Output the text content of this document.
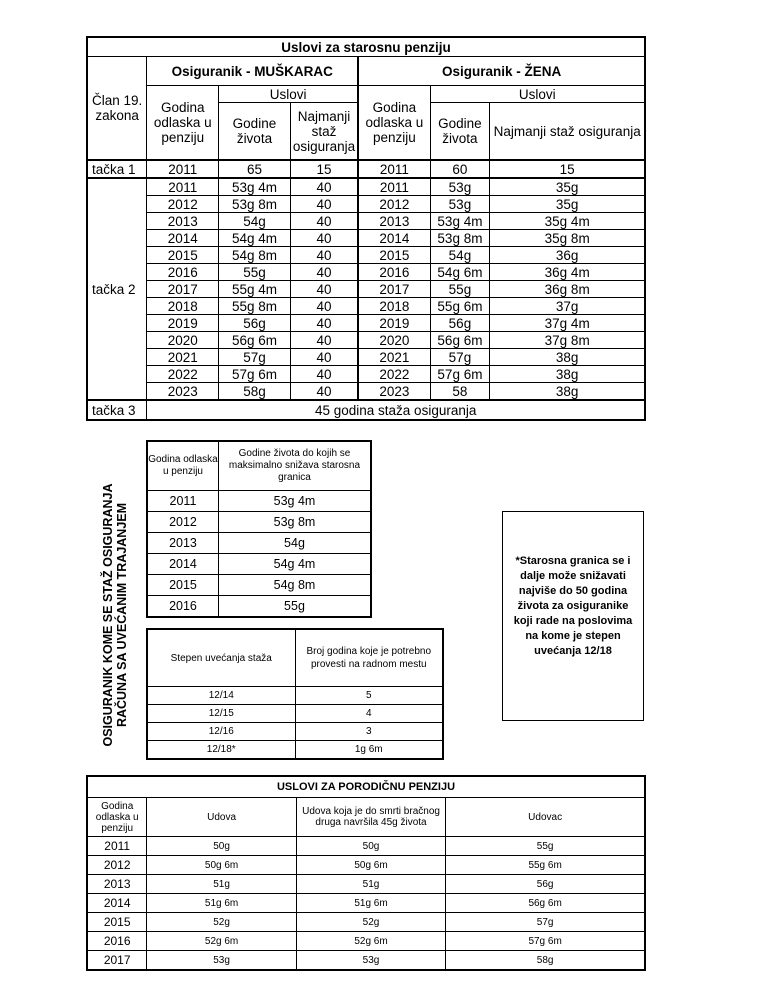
Uslovi za starosnu penziju						
Član 19. zakona	Osiguranik - MUŠKARAC			Osiguranik - ŽENA		
	Godina odlaska u penziju	Uslovi		Godina odlaska u penziju	Uslovi	
		Godine života	Najmanji staž osiguranja		Godine života	Najmanji staž osiguranja
tačka 1	2011	65	15	2011	60	15
tačka 2	2011	53g 4m	40	2011	53g	35g
	2012	53g 8m	40	2012	53g	35g
	2013	54g	40	2013	53g 4m	35g 4m
	2014	54g 4m	40	2014	53g 8m	35g 8m
	2015	54g 8m	40	2015	54g	36g
	2016	55g	40	2016	54g 6m	36g 4m
	2017	55g 4m	40	2017	55g	36g 8m
	2018	55g 8m	40	2018	55g 6m	37g
	2019	56g	40	2019	56g	37g 4m
	2020	56g 6m	40	2020	56g 6m	37g 8m
	2021	57g	40	2021	57g	38g
	2022	57g 6m	40	2022	57g 6m	38g
	2023	58g	40	2023	58	38g
tačka 3	45 godina staža osiguranja					
OSIGURANIK KOME SE STAŽ OSIGURANJA RAČUNA SA UVEĆANIM TRAJANJEM
Godina odlaska u penziju	Godine života do kojih se maksimalno snižava starosna granica
2011	53g 4m
2012	53g 8m
2013	54g
2014	54g 4m
2015	54g 8m
2016	55g
Stepen uvećanja staža	Broj godina koje je potrebno provesti na radnom mestu
12/14	5
12/15	4
12/16	3
12/18*	1g 6m
*Starosna granica se i dalje može snižavati najviše do 50 godina života za osiguranike koji rade na poslovima na kome je stepen uvećanja 12/18
USLOVI ZA PORODIČNU PENZIJU			
Godina odlaska u penziju	Udova	Udova koja je do smrti bračnog druga navršila 45g života	Udovac
2011	50g	50g	55g
2012	50g 6m	50g 6m	55g 6m
2013	51g	51g	56g
2014	51g 6m	51g 6m	56g 6m
2015	52g	52g	57g
2016	52g 6m	52g 6m	57g 6m
2017	53g	53g	58g
